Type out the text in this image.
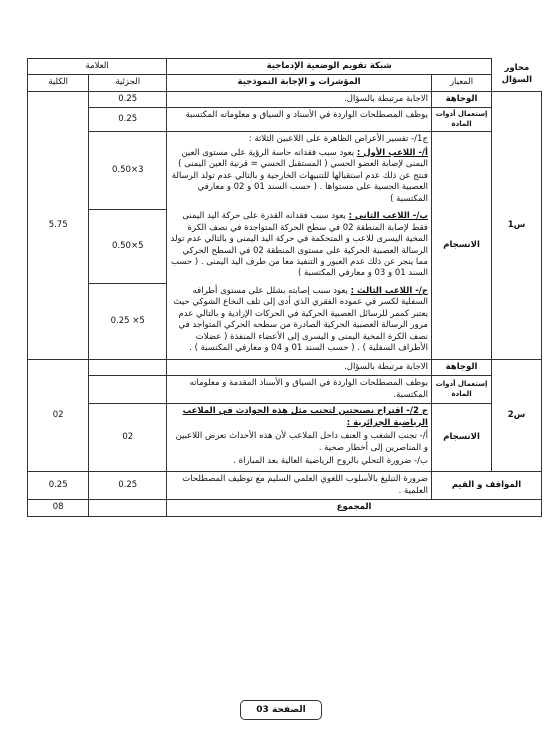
محاور السؤال	شبكة تقويم الوضعية الإدماجية		العلامة	
	المعيار	المؤشرات و الإجابة النموذجية	الجزئية	الكلية
س1	الوجاهة	الاجابة مرتبطة بالسؤال.	0.25	5.75
	إستعمال أدوات المادة	يوظف المصطلحات الواردة في الأسناد و السياق و معلوماته المكتسبة	0.25	
	الانسجام	ج1/- تفسير الأعراض الظاهرة على اللاعبين الثلاثة :

أ/- اللاعب الأول : يعود سبب فقدانه حاسة الرؤية على مستوى العين اليمنى لإصابة العضو الحسي ( المستقبل الحسي = قرنية العين اليمنى ) فنتج عن ذلك عدم استقبالها للتنبيهات الخارجية و بالتالي عدم تولد الرسالة العصبية الحسية على مستواها . ( حسب السند 01 و 02 و معارفي المكتسبة )	3×0.50	

		ب/- اللاعب الثاني : يعود سبب فقدانه القدرة على حركة اليد اليمنى فقط لإصابة المنطقة 02 في سطح الحركة المتواجدة في نصف الكرة المخية اليسرى للاعب و المتحكمة في حركة اليد اليمنى و بالتالي عدم تولد الرسالة العصبية الحركية على مستوى المنطقة 02 في السطح الحركي مما ينجر عن ذلك عدم العبور و التنفيذ معا من طرف اليد اليمنى . ( حسب السند 01 و 03 و معارفي المكتسبة )	5×0.50	

		ج/- اللاعب الثالث : يعود سبب إصابته بشلل على مستوى أطرافه السفلية لكسر في عموده الفقري الذي أدى إلى تلف النخاع الشوكي حيث يعتبر كممر للرسائل العصبية الحركية في الحركات الإرادية و بالتالي عدم مرور الرسالة العصبية الحركية الصادرة من سطحه الحركي المتواجد في نصف الكرة المخية اليمنى و اليسرى إلى الأعضاء المنفذة ( عضلات الأطراف السفلية ) . ( حسب السند 01 و 04 و معارفي المكتسبة ) .	5× 0.25	
س2	الوجاهة	الاجابة مرتبطة بالسؤال.		02
	إستعمال أدوات المادة	يوظف المصطلحات الواردة في السياق و الأسناد المقدمة و معلوماته المكتسبة.		
	الانسجام	ج 2/- اقتراح نصيحتين لتجنب مثل هذه الحوادث في الملاعب الرياضية الجزائرية :

أ/- تجنب الشغب و العنف داخل الملاعب لأن هذه الأحداث تعرض اللاعبين و المناصرين إلى أخطار صحية .

ب/- ضرورة التحلي بالروح الرياضية العالية بعد المباراة .	02	
المواقف و القيم		ضرورة التبليغ بالأسلوب اللغوي العلمي السليم مع توظيف المصطلحات العلمية .	0.25	0.25
المجموع				08
الصفحة 03
